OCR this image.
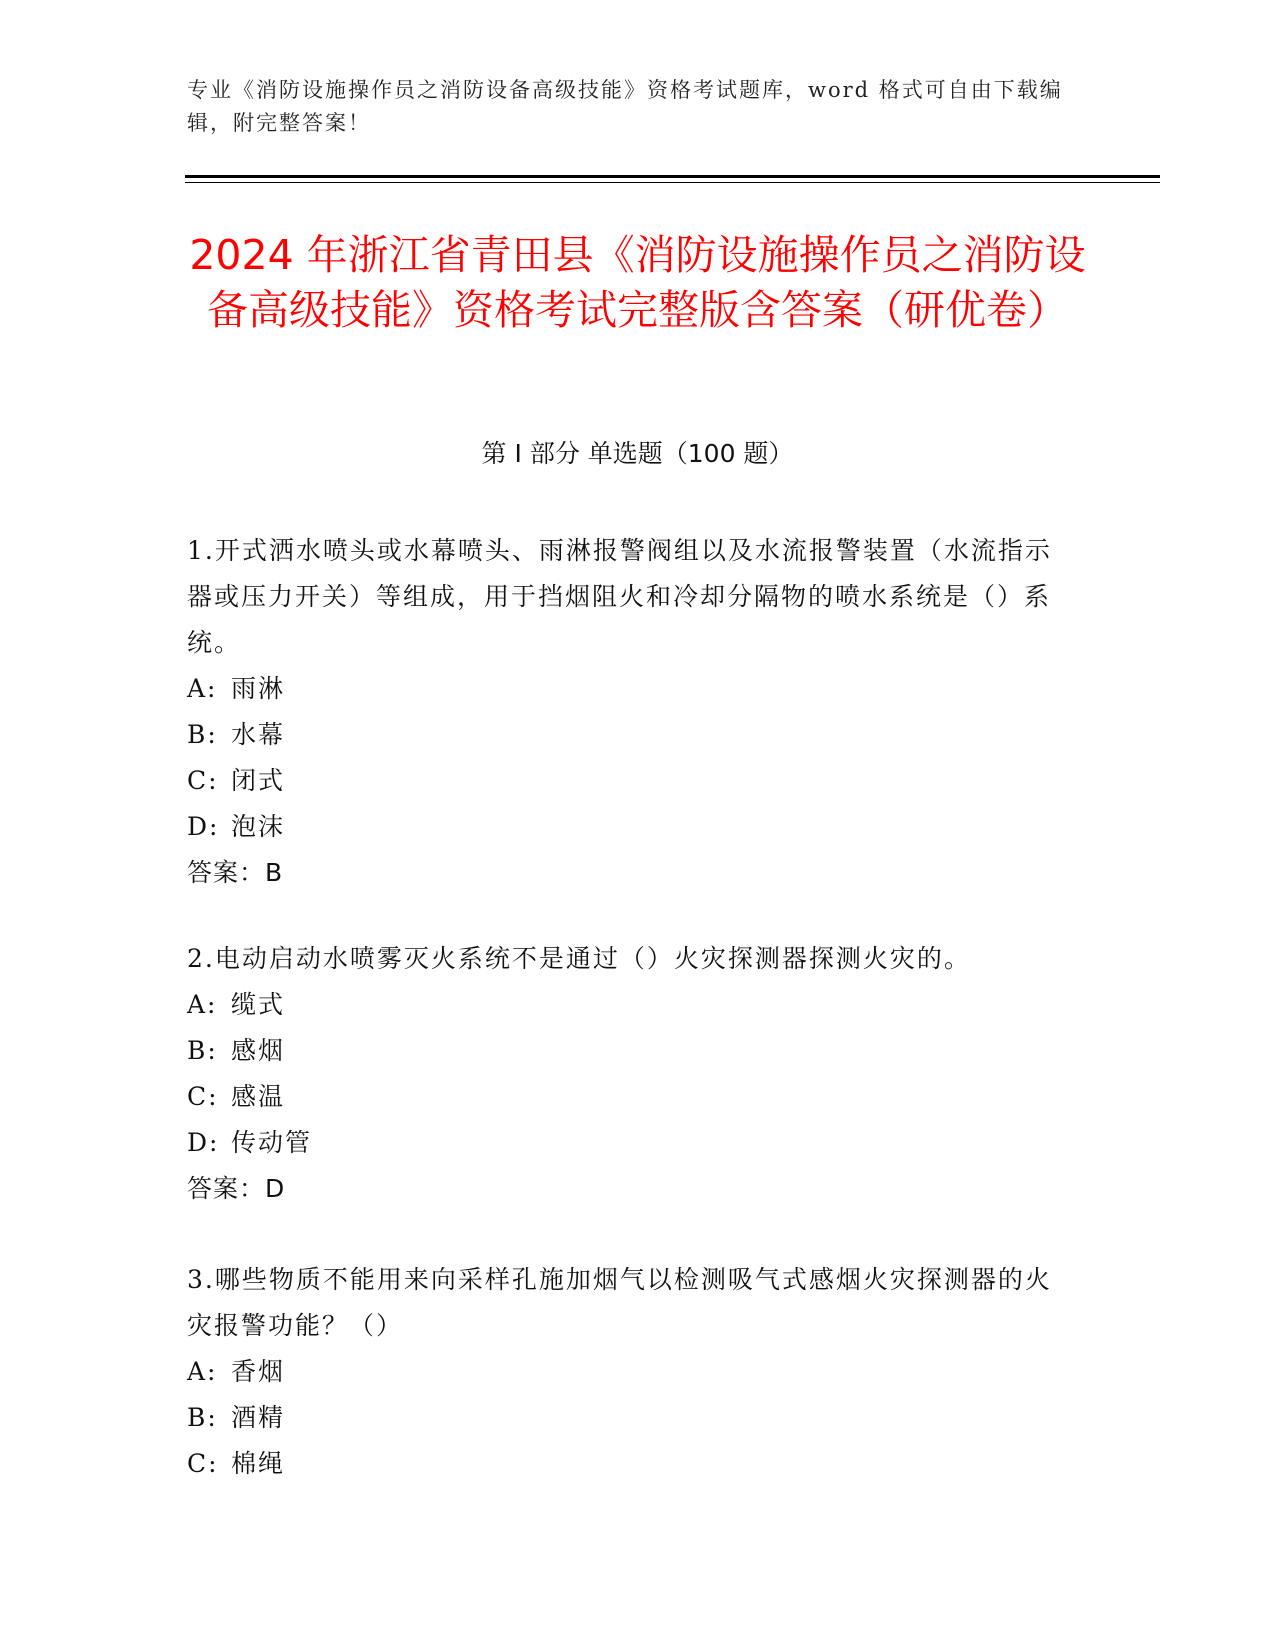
专业《消防设施操作员之消防设备高级技能》资格考试题库，word 格式可自由下载编辑，附完整答案！
2024 年浙江省青田县《消防设施操作员之消防设备高级技能》资格考试完整版含答案（研优卷）
第 I 部分 单选题（100 题）

1.开式洒水喷头或水幕喷头、雨淋报警阀组以及水流报警装置（水流指示器或压力开关）等组成，用于挡烟阻火和冷却分隔物的喷水系统是（）系统。

A: 雨淋

B: 水幕

C: 闭式

D: 泡沫

答案：B

2.电动启动水喷雾灭火系统不是通过（）火灾探测器探测火灾的。

A: 缆式

B: 感烟

C: 感温

D: 传动管

答案：D

3.哪些物质不能用来向采样孔施加烟气以检测吸气式感烟火灾探测器的火灾报警功能？（）

A: 香烟

B: 酒精

C: 棉绳
